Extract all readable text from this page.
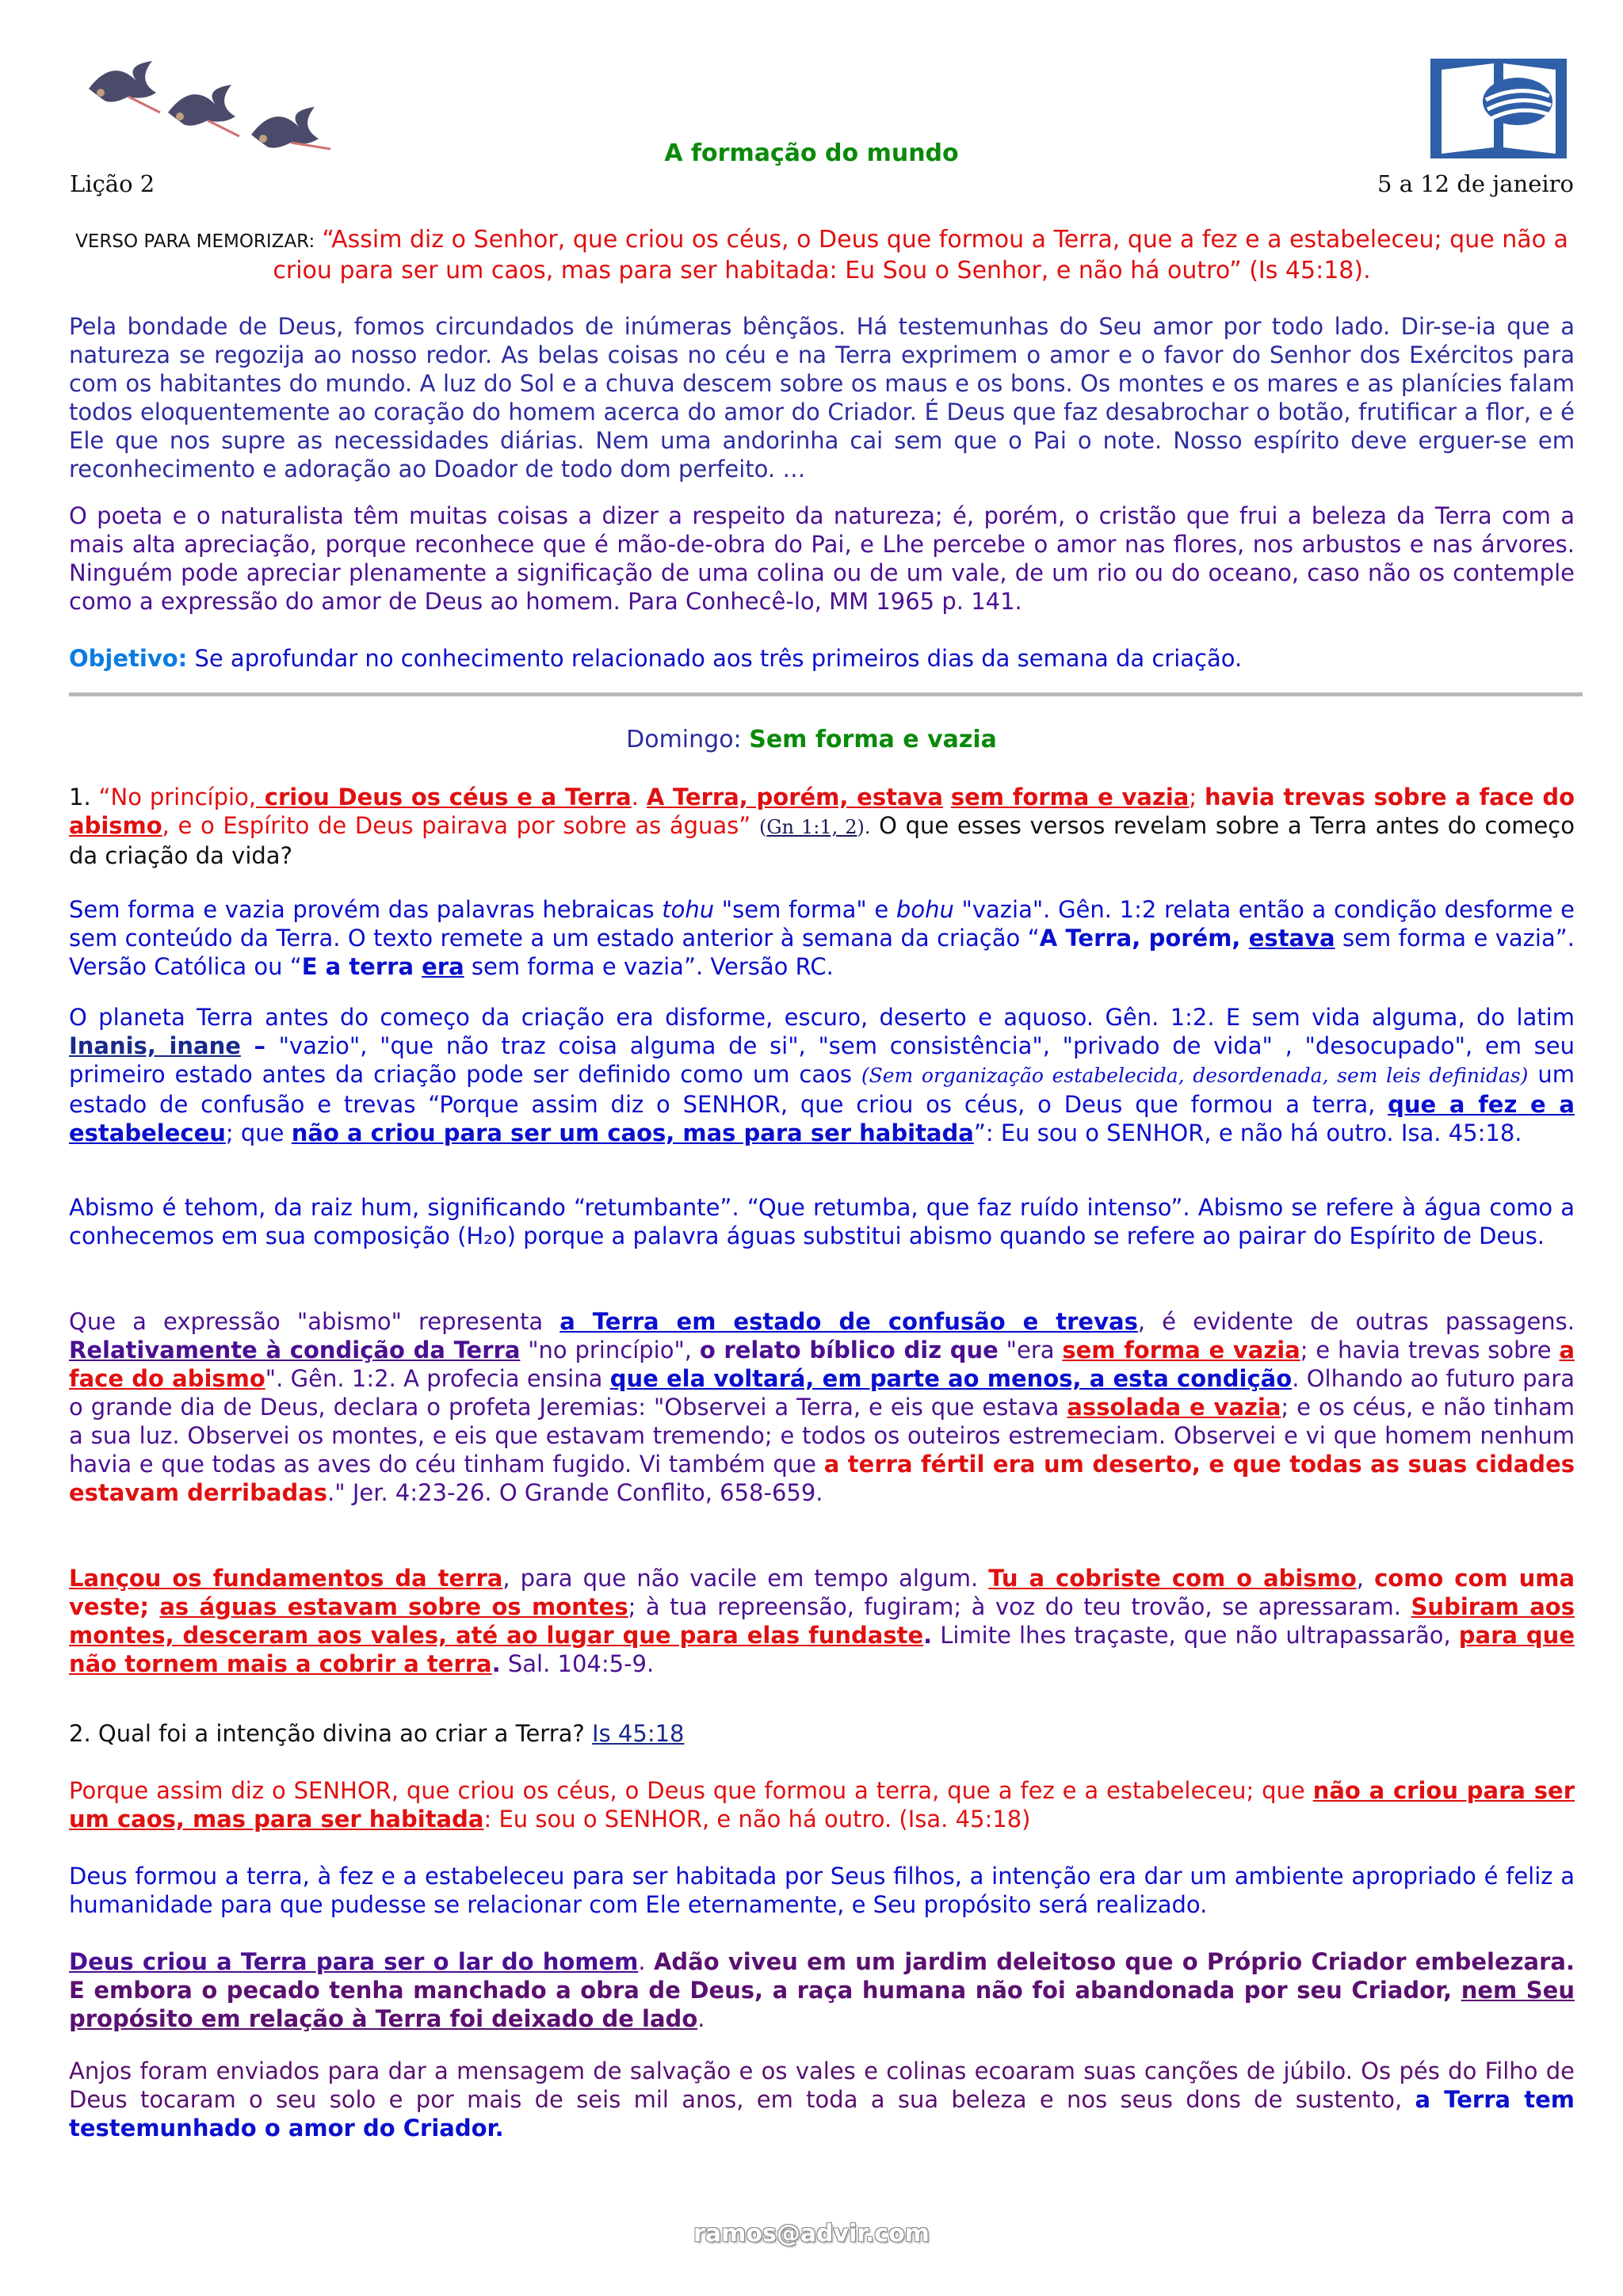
A formação do mundo
Lição 2	5 a 12 de janeiro
VERSO PARA MEMORIZAR: “Assim diz o Senhor, que criou os céus, o Deus que formou a Terra, que a fez e a estabeleceu; que não a criou para ser um caos, mas para ser habitada: Eu Sou o Senhor, e não há outro” (Is 45:18).
Pela bondade de Deus, fomos circundados de inúmeras bênçãos. Há testemunhas do Seu amor por todo lado. Dir-se-ia que a natureza se regozija ao nosso redor. As belas coisas no céu e na Terra exprimem o amor e o favor do Senhor dos Exércitos para com os habitantes do mundo. A luz do Sol e a chuva descem sobre os maus e os bons. Os montes e os mares e as planícies falam todos eloquentemente ao coração do homem acerca do amor do Criador. É Deus que faz desabrochar o botão, frutificar a flor, e é Ele que nos supre as necessidades diárias. Nem uma andorinha cai sem que o Pai o note. Nosso espírito deve erguer-se em reconhecimento e adoração ao Doador de todo dom perfeito. …
O poeta e o naturalista têm muitas coisas a dizer a respeito da natureza; é, porém, o cristão que frui a beleza da Terra com a mais alta apreciação, porque reconhece que é mão-de-obra do Pai, e Lhe percebe o amor nas flores, nos arbustos e nas árvores. Ninguém pode apreciar plenamente a significação de uma colina ou de um vale, de um rio ou do oceano, caso não os contemple como a expressão do amor de Deus ao homem. Para Conhecê-lo, MM 1965 p. 141.
Objetivo: Se aprofundar no conhecimento relacionado aos três primeiros dias da semana da criação.
Domingo: Sem forma e vazia
1. “No princípio, criou Deus os céus e a Terra. A Terra, porém, estava sem forma e vazia; havia trevas sobre a face do abismo, e o Espírito de Deus pairava por sobre as águas” (Gn 1:1, 2). O que esses versos revelam sobre a Terra antes do começo da criação da vida?
Sem forma e vazia provém das palavras hebraicas tohu "sem forma" e bohu "vazia". Gên. 1:2 relata então a condição desforme e sem conteúdo da Terra. O texto remete a um estado anterior à semana da criação “A Terra, porém, estava sem forma e vazia”. Versão Católica ou “E a terra era sem forma e vazia”. Versão RC.
O planeta Terra antes do começo da criação era disforme, escuro, deserto e aquoso. Gên. 1:2. E sem vida alguma, do latim Inanis, inane – "vazio", "que não traz coisa alguma de si", "sem consistência", "privado de vida" , "desocupado", em seu primeiro estado antes da criação pode ser definido como um caos (Sem organização estabelecida, desordenada, sem leis definidas) um estado de confusão e trevas “Porque assim diz o SENHOR, que criou os céus, o Deus que formou a terra, que a fez e a estabeleceu; que não a criou para ser um caos, mas para ser habitada”: Eu sou o SENHOR, e não há outro. Isa. 45:18.
Abismo é tehom, da raiz hum, significando “retumbante”. “Que retumba, que faz ruído intenso”. Abismo se refere à água como a conhecemos em sua composição (H₂o) porque a palavra águas substitui abismo quando se refere ao pairar do Espírito de Deus.
Que a expressão "abismo" representa a Terra em estado de confusão e trevas, é evidente de outras passagens. Relativamente à condição da Terra "no princípio", o relato bíblico diz que "era sem forma e vazia; e havia trevas sobre a face do abismo". Gên. 1:2. A profecia ensina que ela voltará, em parte ao menos, a esta condição. Olhando ao futuro para o grande dia de Deus, declara o profeta Jeremias: "Observei a Terra, e eis que estava assolada e vazia; e os céus, e não tinham a sua luz. Observei os montes, e eis que estavam tremendo; e todos os outeiros estremeciam. Observei e vi que homem nenhum havia e que todas as aves do céu tinham fugido. Vi também que a terra fértil era um deserto, e que todas as suas cidades estavam derribadas." Jer. 4:23-26. O Grande Conflito, 658-659.
Lançou os fundamentos da terra, para que não vacile em tempo algum. Tu a cobriste com o abismo, como com uma veste; as águas estavam sobre os montes; à tua repreensão, fugiram; à voz do teu trovão, se apressaram. Subiram aos montes, desceram aos vales, até ao lugar que para elas fundaste. Limite lhes traçaste, que não ultrapassarão, para que não tornem mais a cobrir a terra. Sal. 104:5-9.
2. Qual foi a intenção divina ao criar a Terra? Is 45:18
Porque assim diz o SENHOR, que criou os céus, o Deus que formou a terra, que a fez e a estabeleceu; que não a criou para ser um caos, mas para ser habitada: Eu sou o SENHOR, e não há outro. (Isa. 45:18)
Deus formou a terra, à fez e a estabeleceu para ser habitada por Seus filhos, a intenção era dar um ambiente apropriado é feliz a humanidade para que pudesse se relacionar com Ele eternamente, e Seu propósito será realizado.
Deus criou a Terra para ser o lar do homem. Adão viveu em um jardim deleitoso que o Próprio Criador embelezara. E embora o pecado tenha manchado a obra de Deus, a raça humana não foi abandonada por seu Criador, nem Seu propósito em relação à Terra foi deixado de lado.
Anjos foram enviados para dar a mensagem de salvação e os vales e colinas ecoaram suas canções de júbilo. Os pés do Filho de Deus tocaram o seu solo e por mais de seis mil anos, em toda a sua beleza e nos seus dons de sustento, a Terra tem testemunhado o amor do Criador.
ramos@advir.com
